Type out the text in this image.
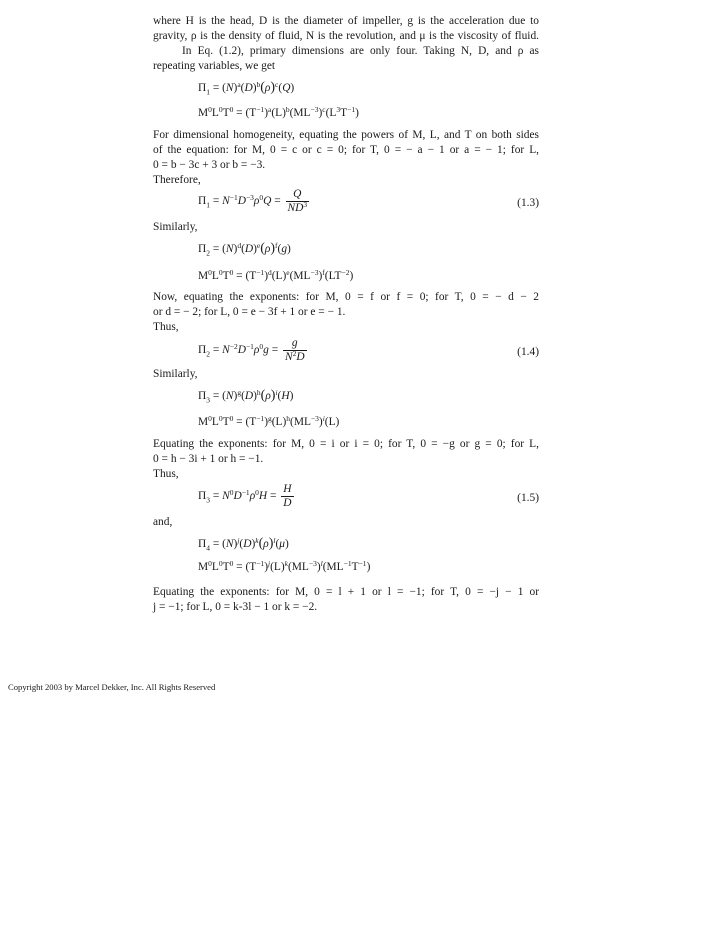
where H is the head, D is the diameter of impeller, g is the acceleration due to
gravity, ρ is the density of fluid, N is the revolution, and μ is the viscosity of fluid.
In Eq. (1.2), primary dimensions are only four. Taking N, D, and ρ as
repeating variables, we get
$\Pi_1 = (N)^a(D)^b(\rho)^c(Q)$
$M^0L^0T^0 = (T^{-1})^a(L)^b(ML^{-3})^c(L^3T^{-1})$
For dimensional homogeneity, equating the powers of M, L, and T on both sides
of the equation: for M, 0 = c or c = 0; for T, 0 = − a − 1 or a = − 1; for L,
0 = b − 3c + 3 or b = −3.
Therefore,
$\Pi_1 = N^{-1}D^{-3}\rho^0Q = \frac{Q}{ND^3}$	(1.3)
Similarly,
$\Pi_2 = (N)^d(D)^e(\rho)^f(g)$
$M^0L^0T^0 = (T^{-1})^d(L)^e(ML^{-3})^f(LT^{-2})$
Now, equating the exponents: for M, 0 = f or f = 0; for T, 0 = − d − 2
or d = − 2; for L, 0 = e − 3f + 1 or e = − 1.
Thus,
$\Pi_2 = N^{-2}D^{-1}\rho^0g = \frac{g}{N^2D}$	(1.4)
Similarly,
$\Pi_3 = (N)^g(D)^h(\rho)^i(H)$
$M^0L^0T^0 = (T^{-1})^g(L)^h(ML^{-3})^i(L)$
Equating the exponents: for M, 0 = i or i = 0; for T, 0 = −g or g = 0; for L,
0 = h − 3i + 1 or h = −1.
Thus,
$\Pi_3 = N^0D^{-1}\rho^0H = \frac{H}{D}$	(1.5)
and,
$\Pi_4 = (N)^j(D)^k(\rho)^l(\mu)$
$M^0L^0T^0 = (T^{-1})^j(L)^k(ML^{-3})^l(ML^{-1}T^{-1})$
Equating the exponents: for M, 0 = l + 1 or l = −1; for T, 0 = −j − 1 or
j = −1; for L, 0 = k-3l − 1 or k = −2.
Copyright 2003 by Marcel Dekker, Inc. All Rights Reserved
